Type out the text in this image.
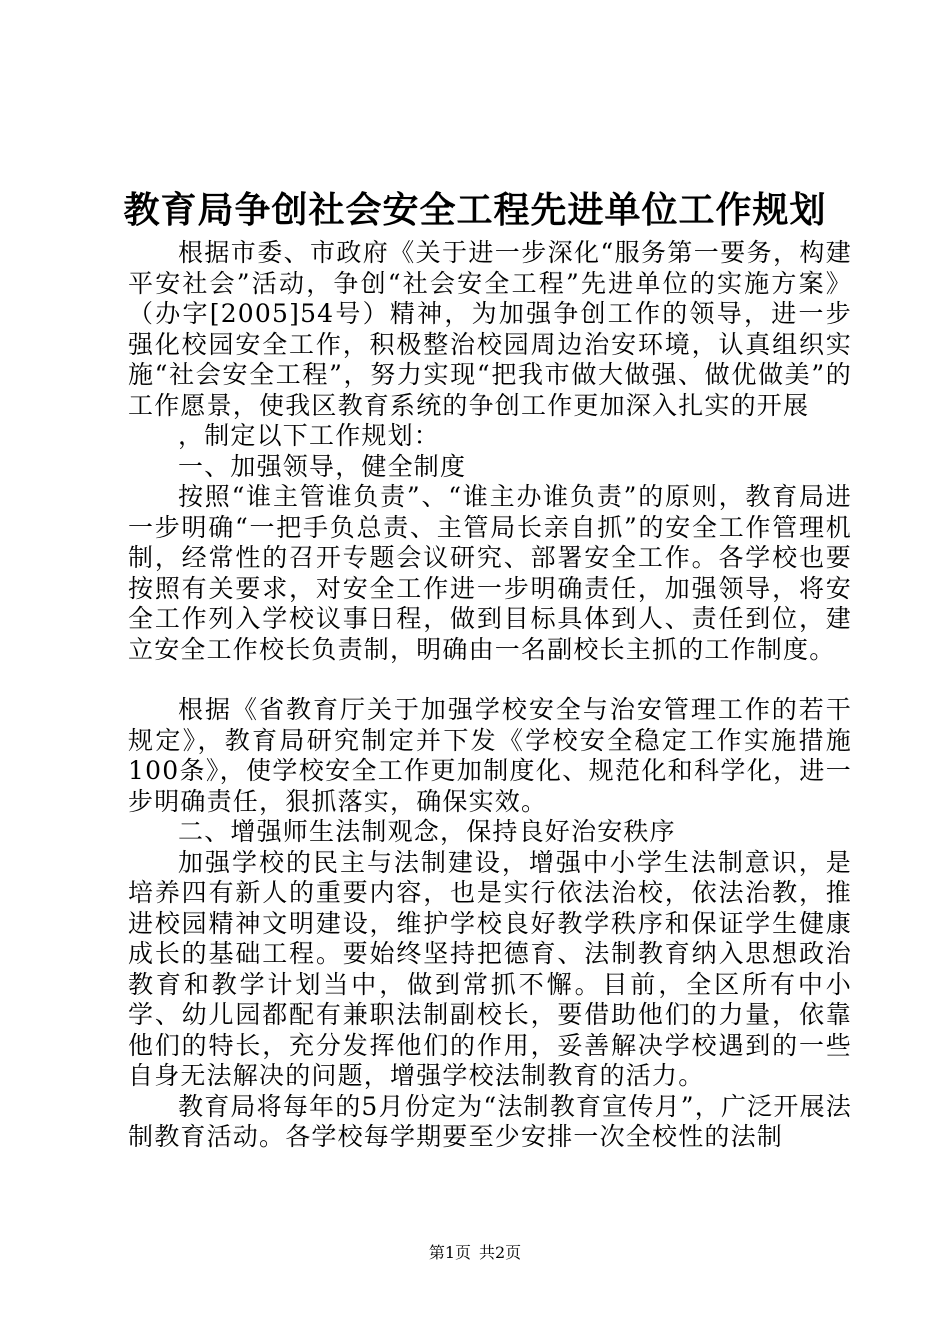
教育局争创社会安全工程先进单位工作规划

根据市委、市政府《关于进一步深化“服务第一要务，构建平安社会”活动，争创“社会安全工程”先进单位的实施方案》（办字[2005]54号）精神，为加强争创工作的领导，进一步强化校园安全工作，积极整治校园周边治安环境，认真组织实施“社会安全工程”，努力实现“把我市做大做强、做优做美”的工作愿景，使我区教育系统的争创工作更加深入扎实的开展

，制定以下工作规划：

一、加强领导，健全制度

按照“谁主管谁负责”、“谁主办谁负责”的原则，教育局进一步明确“一把手负总责、主管局长亲自抓”的安全工作管理机制，经常性的召开专题会议研究、部署安全工作。各学校也要按照有关要求，对安全工作进一步明确责任，加强领导，将安全工作列入学校议事日程，做到目标具体到人、责任到位，建立安全工作校长负责制，明确由一名副校长主抓的工作制度。

根据《省教育厅关于加强学校安全与治安管理工作的若干规定》，教育局研究制定并下发《学校安全稳定工作实施措施100条》，使学校安全工作更加制度化、规范化和科学化，进一步明确责任，狠抓落实，确保实效。

二、增强师生法制观念，保持良好治安秩序

加强学校的民主与法制建设，增强中小学生法制意识，是培养四有新人的重要内容，也是实行依法治校，依法治教，推进校园精神文明建设，维护学校良好教学秩序和保证学生健康成长的基础工程。要始终坚持把德育、法制教育纳入思想政治教育和教学计划当中，做到常抓不懈。目前，全区所有中小学、幼儿园都配有兼职法制副校长，要借助他们的力量，依靠他们的特长，充分发挥他们的作用，妥善解决学校遇到的一些自身无法解决的问题，增强学校法制教育的活力。

教育局将每年的5月份定为“法制教育宣传月”，广泛开展法制教育活动。各学校每学期要至少安排一次全校性的法制

第1页 共2页
